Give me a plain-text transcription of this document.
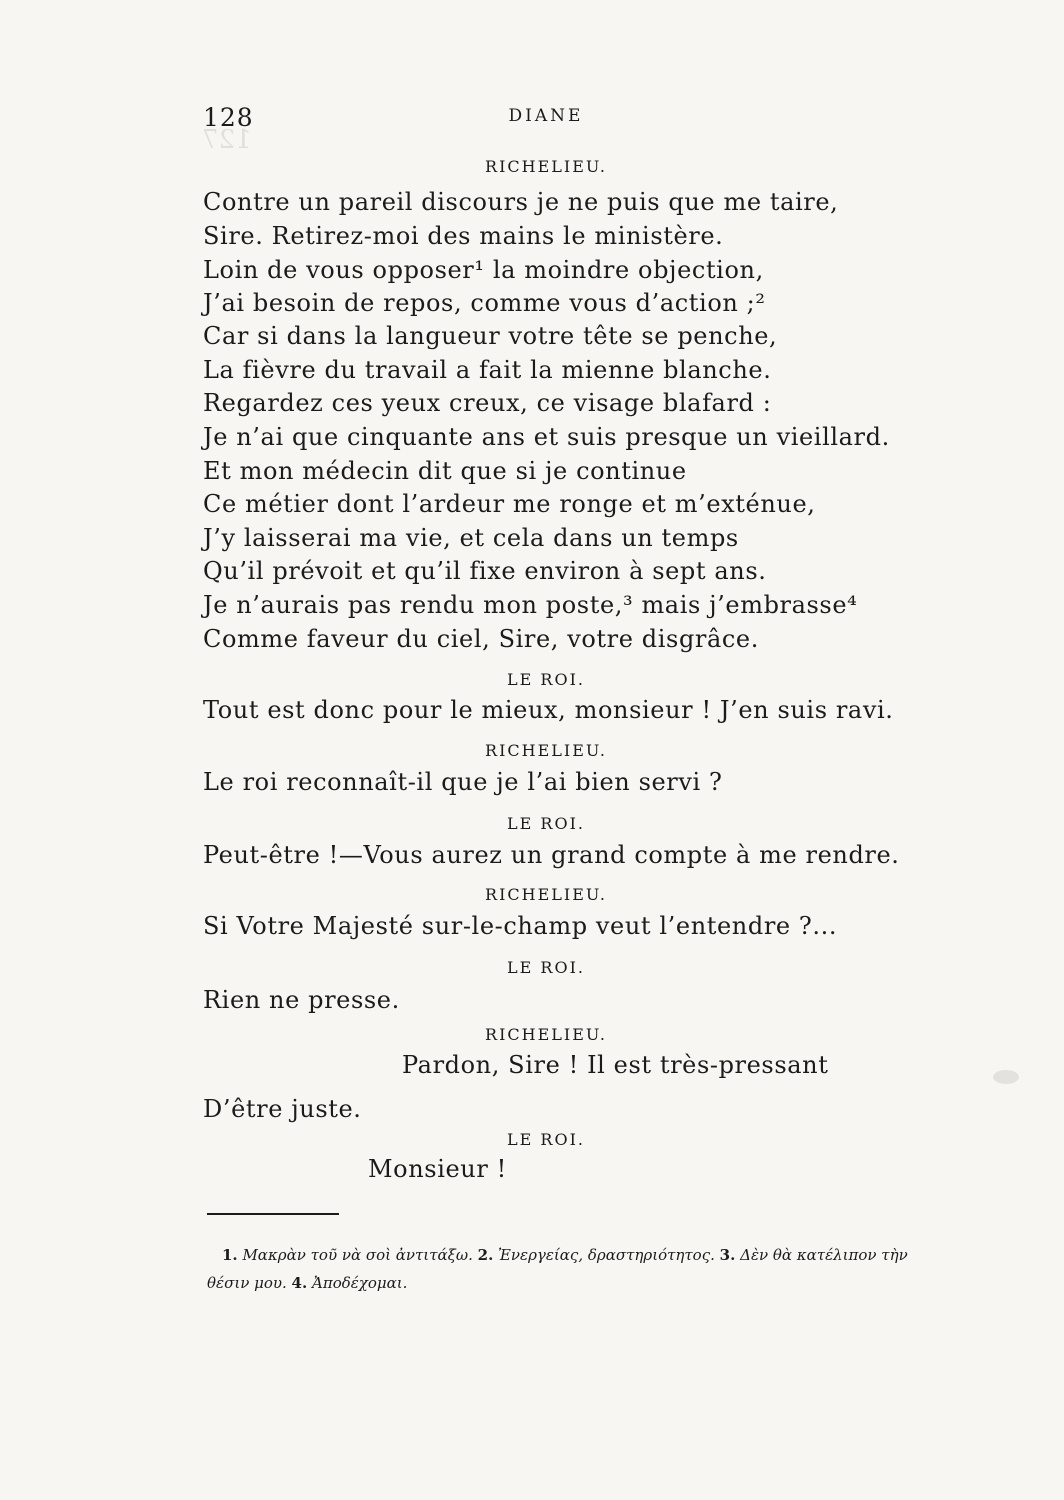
127
128	DIANE
RICHELIEU.
Contre un pareil discours je ne puis que me taire,
Sire. Retirez-moi des mains le ministère.
Loin de vous opposer¹ la moindre objection,
J’ai besoin de repos, comme vous d’action ;²
Car si dans la langueur votre tête se penche,
La fièvre du travail a fait la mienne blanche.
Regardez ces yeux creux, ce visage blafard :
Je n’ai que cinquante ans et suis presque un vieillard.
Et mon médecin dit que si je continue
Ce métier dont l’ardeur me ronge et m’exténue,
J’y laisserai ma vie, et cela dans un temps
Qu’il prévoit et qu’il fixe environ à sept ans.
Je n’aurais pas rendu mon poste,³ mais j’embrasse⁴
Comme faveur du ciel, Sire, votre disgrâce.
LE ROI.
Tout est donc pour le mieux, monsieur ! J’en suis ravi.
RICHELIEU.
Le roi reconnaît-il que je l’ai bien servi ?
LE ROI.
Peut-être !—Vous aurez un grand compte à me rendre.
RICHELIEU.
Si Votre Majesté sur-le-champ veut l’entendre ?...
LE ROI.
Rien ne presse.
RICHELIEU.
Pardon, Sire ! Il est très-pressant
D’être juste.
LE ROI.
Monsieur !
1. Μακρὰν τοῦ νὰ σοὶ ἀντιτάξω. 2. Ἐνεργείας, δραστηριότητος. 3. Δὲν θὰ κατέλιπον τὴν
θέσιν μου. 4. Ἀποδέχομαι.
